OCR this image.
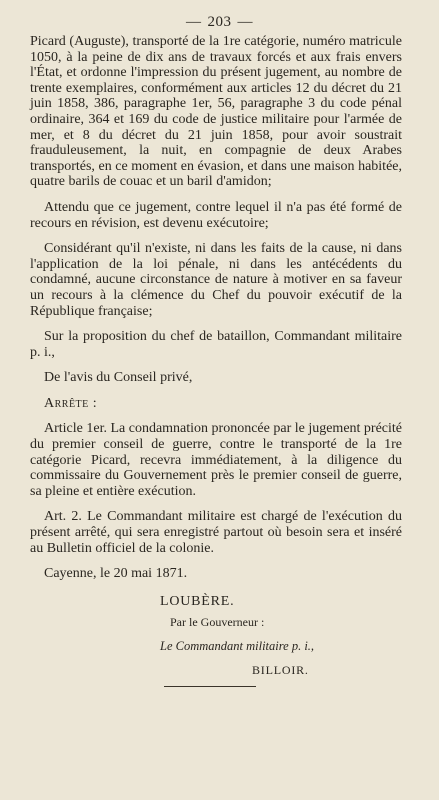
— 203 —

Picard (Auguste), transporté de la 1re catégorie, numéro matricule 1050, à la peine de dix ans de travaux forcés et aux frais envers l'État, et ordonne l'impression du présent jugement, au nombre de trente exemplaires, conformément aux articles 12 du décret du 21 juin 1858, 386, paragraphe 1er, 56, paragraphe 3 du code pénal ordinaire, 364 et 169 du code de justice militaire pour l'armée de mer, et 8 du décret du 21 juin 1858, pour avoir soustrait frauduleusement, la nuit, en compagnie de deux Arabes transportés, en ce moment en évasion, et dans une maison habitée, quatre barils de couac et un baril d'amidon;

Attendu que ce jugement, contre lequel il n'a pas été formé de recours en révision, est devenu exécutoire;

Considérant qu'il n'existe, ni dans les faits de la cause, ni dans l'application de la loi pénale, ni dans les antécédents du condamné, aucune circonstance de nature à motiver en sa faveur un recours à la clémence du Chef du pouvoir exécutif de la République française;

Sur la proposition du chef de bataillon, Commandant militaire p. i.,

De l'avis du Conseil privé,

Arrête :

Article 1er. La condamnation prononcée par le jugement précité du premier conseil de guerre, contre le transporté de la 1re catégorie Picard, recevra immédiatement, à la diligence du commissaire du Gouvernement près le premier conseil de guerre, sa pleine et entière exécution.

Art. 2. Le Commandant militaire est chargé de l'exécution du présent arrêté, qui sera enregistré partout où besoin sera et inséré au Bulletin officiel de la colonie.

Cayenne, le 20 mai 1871.

LOUBÈRE.
Par le Gouverneur :
Le Commandant militaire p. i.,
BILLOIR.
